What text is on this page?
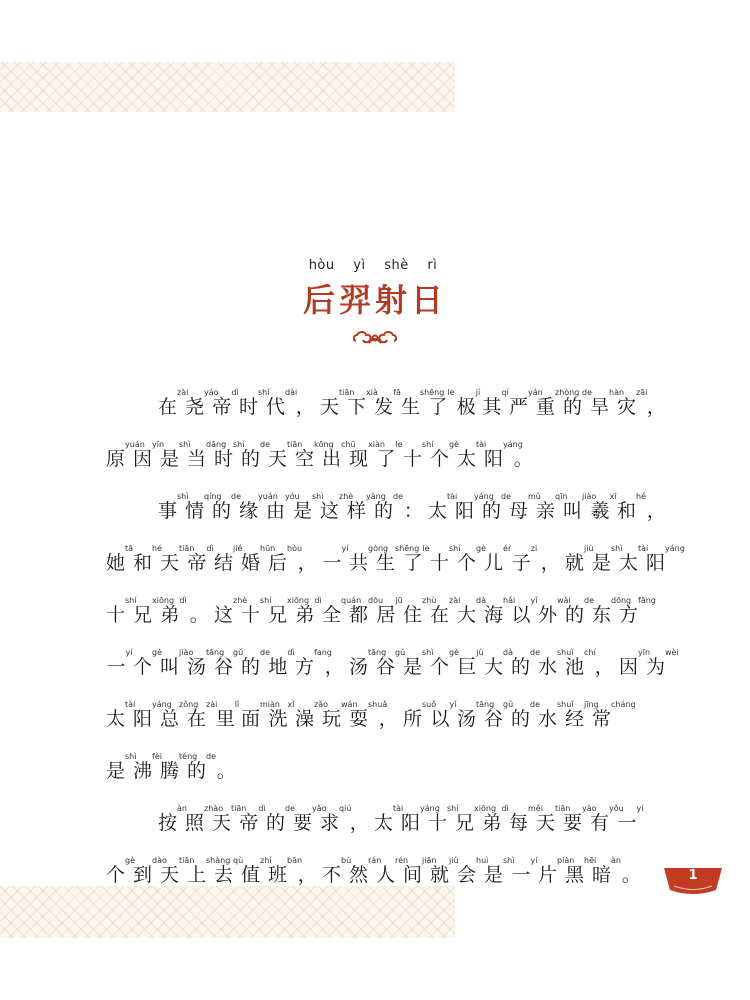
hòu yì shè rì
后羿射日
在zài尧yáo帝dì时shí代dài， 天tiān下xià发fā生shēng了le极jí其qí严yán重zhòng的de旱hàn灾zāi，
原yuán因yīn是shì当dāng时shí的de天tiān空kōng出chū现xiàn了le十shí个gè太tài阳yáng。
事shì情qíng的de缘yuán由yóu是shì这zhè样yàng的de： 太tài阳yáng的de母mǔ亲qīn叫jiào羲xī和hé，
她tā和hé天tiān帝dì结jié婚hūn后hòu， 一yí共gòng生shēng了le十shí个gè儿ér子zi， 就jiù是shì太tài阳yáng
十shí兄xiōng弟dì。 这zhè十shí兄xiōng弟dì全quán都dōu居jū住zhù在zài大dà海hǎi以yǐ外wài的de东dōng方fāng
一yí个gè叫jiào汤tāng谷gǔ的de地dì方fang， 汤tāng谷gǔ是shì个gè巨jù大dà的de水shuǐ池chí， 因yīn为wèi
太tài阳yáng总zǒng在zài里lǐ面miàn洗xǐ澡zǎo玩wán耍shuǎ， 所suǒ以yǐ汤tāng谷gǔ的de水shuǐ经jīng常cháng
是shì沸fèi腾téng的de。
按àn照zhào天tiān帝dì的de要yāo求qiú， 太tài阳yáng十shí兄xiōng弟dì每měi天tiān要yào有yǒu一yí
个gè到dào天tiān上shàng去qù值zhí班bān， 不bù然rán人rén间jiān就jiù会huì是shì一yí片piàn黑hēi暗àn。	1
